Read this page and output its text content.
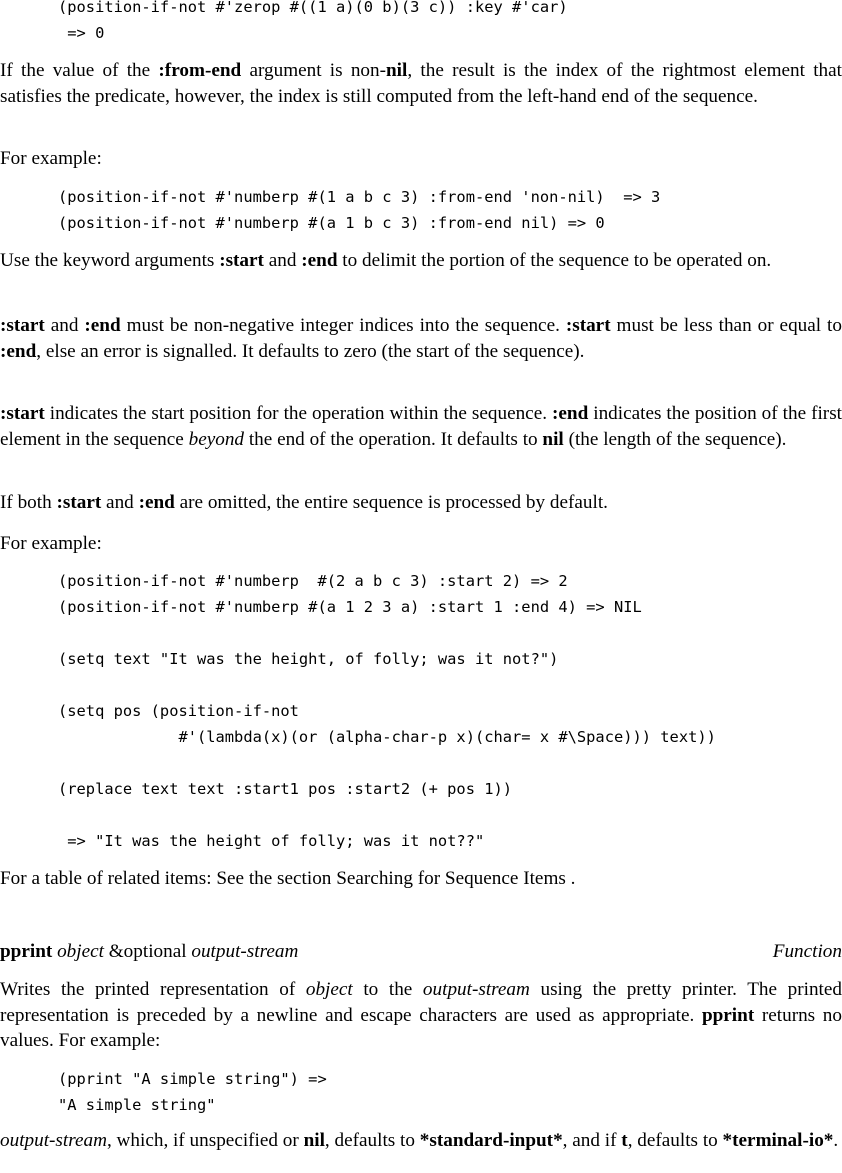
(position-if-not #'zerop #((1 a)(0 b)(3 c)) :key #'car)
=> 0

If the value of the :from-end argument is non-nil, the result is the index of the rightmost element that satisfies the predicate, however, the index is still computed from the left-hand end of the sequence.

For example:

(position-if-not #'numberp #(1 a b c 3) :from-end 'non-nil)  => 3
(position-if-not #'numberp #(a 1 b c 3) :from-end nil) => 0

Use the keyword arguments :start and :end to delimit the portion of the sequence to be operated on.

:start and :end must be non-negative integer indices into the sequence. :start must be less than or equal to :end, else an error is signalled. It defaults to zero (the start of the sequence).

:start indicates the start position for the operation within the sequence. :end indicates the position of the first element in the sequence beyond the end of the operation. It defaults to nil (the length of the sequence).

If both :start and :end are omitted, the entire sequence is processed by default.

For example:

(position-if-not #'numberp  #(2 a b c 3) :start 2) => 2
(position-if-not #'numberp #(a 1 2 3 a) :start 1 :end 4) => NIL

(setq text "It was the height, of folly; was it not?")

(setq pos (position-if-not
#'(lambda(x)(or (alpha-char-p x)(char= x #\Space))) text))

(replace text text :start1 pos :start2 (+ pos 1))

=> "It was the height of folly; was it not??"

For a table of related items: See the section Searching for Sequence Items .

pprint object &optional output-stream	Function

Writes the printed representation of object to the output-stream using the pretty printer. The printed representation is preceded by a newline and escape characters are used as appropriate. pprint returns no values. For example:

(pprint "A simple string") =>
"A simple string"

output-stream, which, if unspecified or nil, defaults to *standard-input*, and if t, defaults to *terminal-io*.
